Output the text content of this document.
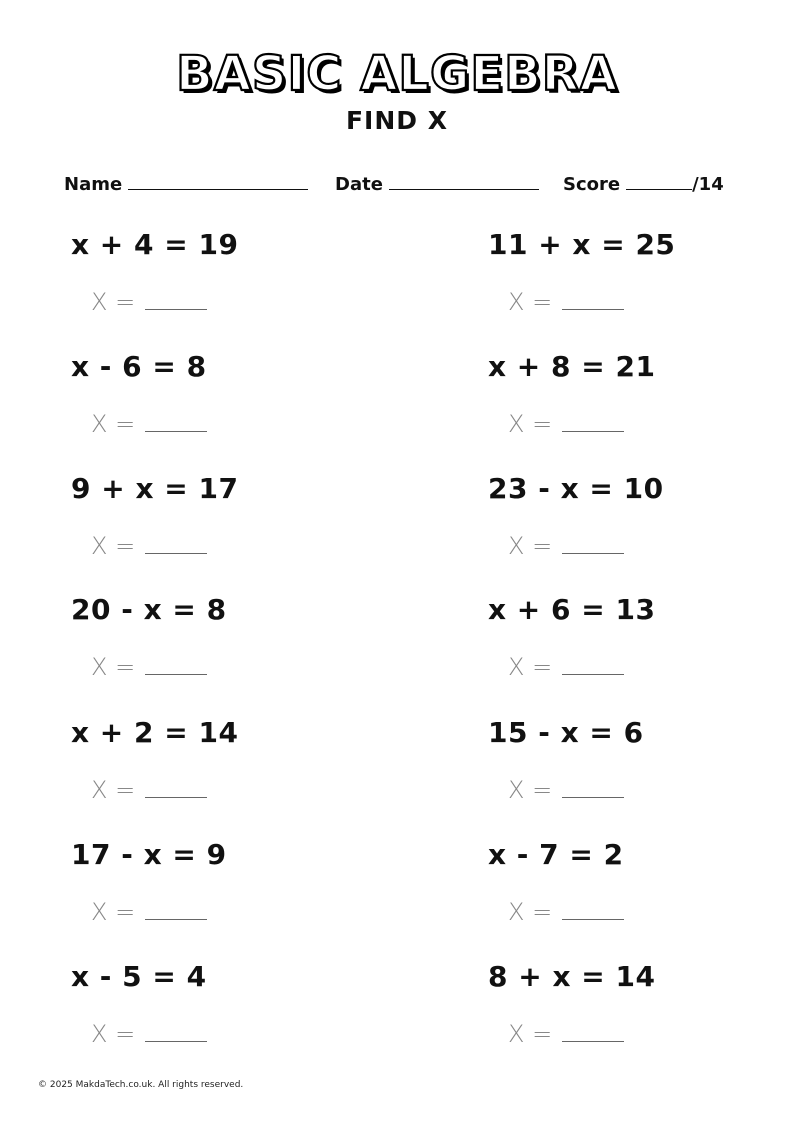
BASIC ALGEBRA
FIND X
Name	Date	Score	/14
x + 4 = 19
X =
x - 6 = 8
X =
9 + x = 17
X =
20 - x = 8
X =
x + 2 = 14
X =
17 - x = 9
X =
x - 5 = 4
X =
11 + x = 25
X =
x + 8 = 21
X =
23 - x = 10
X =
x + 6 = 13
X =
15 - x = 6
X =
x - 7 = 2
X =
8 + x = 14
X =
© 2025 MakdaTech.co.uk. All rights reserved.
